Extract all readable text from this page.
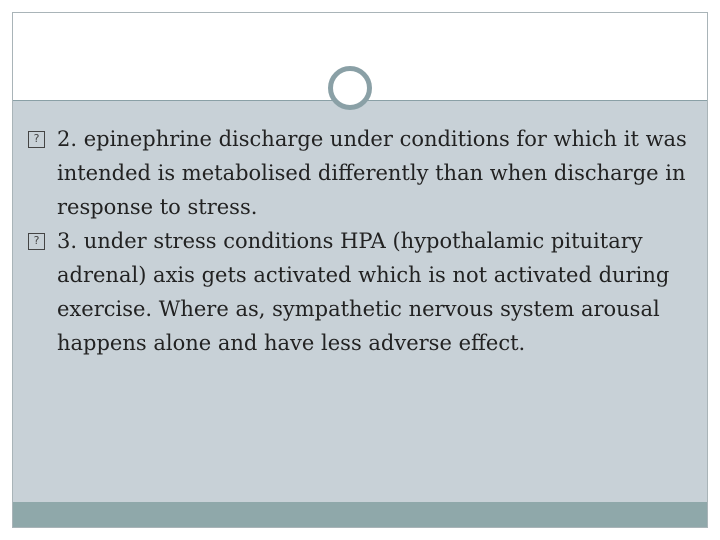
? 2. epinephrine discharge under conditions for which it was intended is metabolised differently than when discharge in response to stress.
? 3. under stress conditions HPA (hypothalamic pituitary adrenal) axis gets activated which is not activated during exercise. Where as, sympathetic nervous system arousal happens alone and have less adverse effect.
